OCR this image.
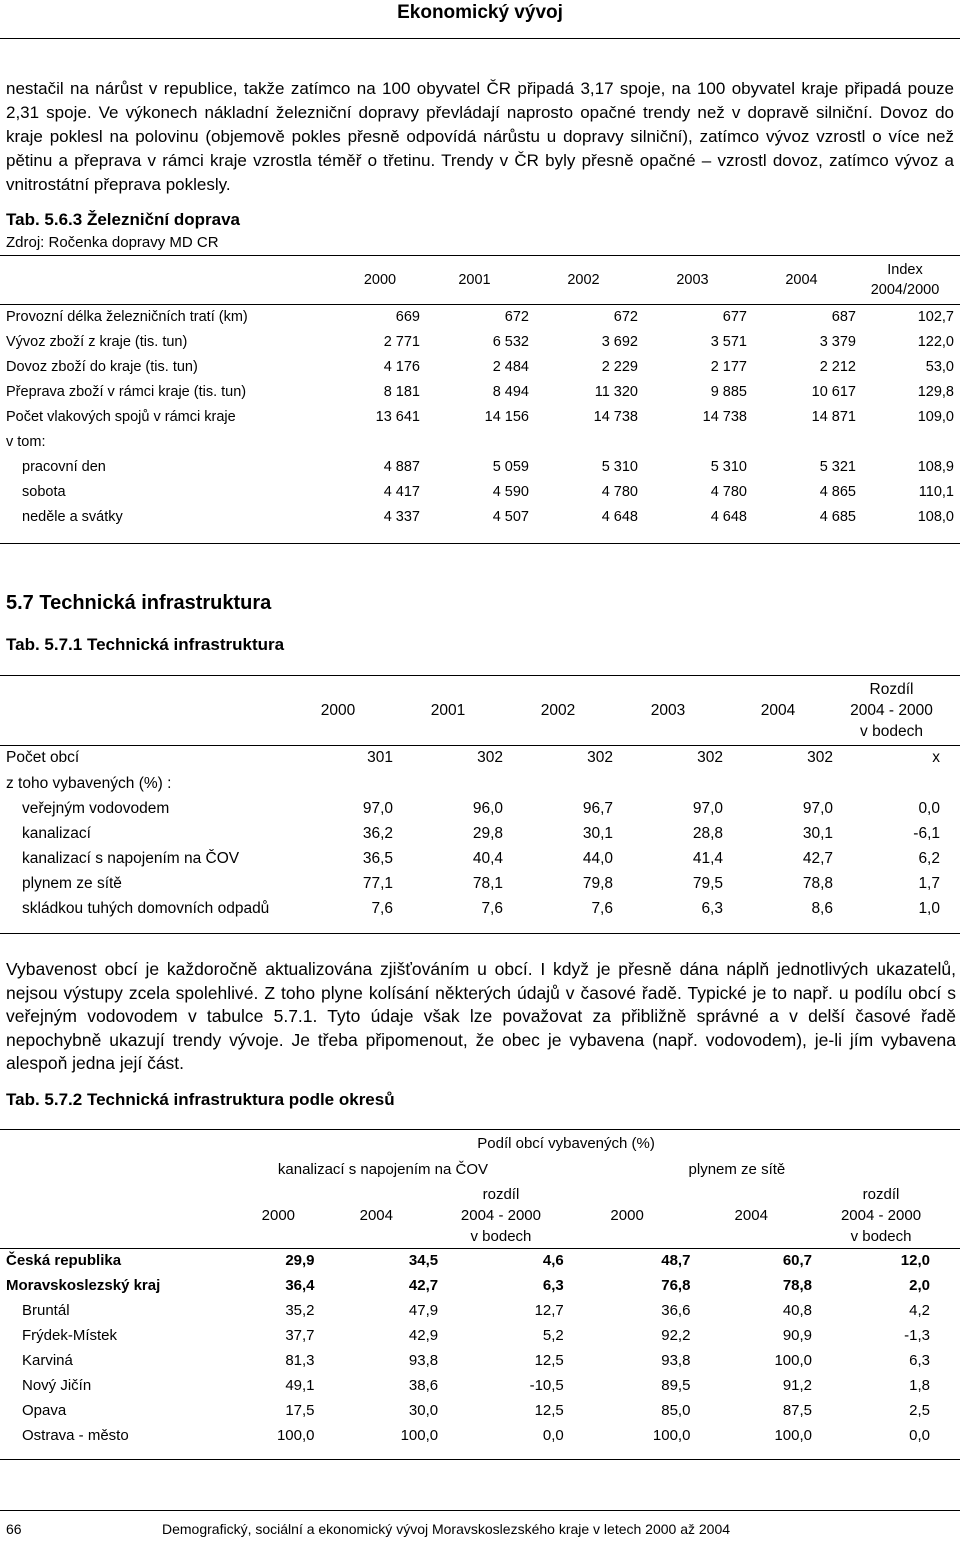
Ekonomický vývoj
nestačil na nárůst v republice, takže zatímco na 100 obyvatel ČR připadá 3,17 spoje, na 100 obyvatel kraje připadá pouze 2,31 spoje. Ve výkonech nákladní železniční dopravy převládají naprosto opačné trendy než v dopravě silniční. Dovoz do kraje poklesl na polovinu (objemově pokles přesně odpovídá nárůstu u dopravy silniční), zatímco vývoz vzrostl o více než pětinu a přeprava v rámci kraje vzrostla téměř o třetinu. Trendy v ČR byly přesně opačné – vzrostl dovoz, zatímco vývoz a vnitrostátní přeprava poklesly.
Tab. 5.6.3 Železniční doprava
Zdroj: Ročenka dopravy MD CR
	2000	2001	2002	2003	2004	Index
2004/2000
Provozní délka železničních tratí (km)	669	672	672	677	687	102,7
Vývoz zboží z kraje (tis. tun)	2 771	6 532	3 692	3 571	3 379	122,0
Dovoz zboží do kraje (tis. tun)	4 176	2 484	2 229	2 177	2 212	53,0
Přeprava zboží v rámci kraje (tis. tun)	8 181	8 494	11 320	9 885	10 617	129,8
Počet vlakových spojů v rámci kraje	13 641	14 156	14 738	14 738	14 871	109,0
v tom:						
pracovní den	4 887	5 059	5 310	5 310	5 321	108,9
sobota	4 417	4 590	4 780	4 780	4 865	110,1
neděle a svátky	4 337	4 507	4 648	4 648	4 685	108,0
5.7 Technická infrastruktura
Tab. 5.7.1 Technická infrastruktura
	2000	2001	2002	2003	2004	Rozdíl
2004 - 2000
v bodech
Počet obcí	301	302	302	302	302	x
z toho vybavených (%) :						
veřejným vodovodem	97,0	96,0	96,7	97,0	97,0	0,0
kanalizací	36,2	29,8	30,1	28,8	30,1	-6,1
kanalizací s napojením na ČOV	36,5	40,4	44,0	41,4	42,7	6,2
plynem ze sítě	77,1	78,1	79,8	79,5	78,8	1,7
skládkou tuhých domovních odpadů	7,6	7,6	7,6	6,3	8,6	1,0
Vybavenost obcí je každoročně aktualizována zjišťováním u obcí. I když je přesně dána náplň jednotlivých ukazatelů, nejsou výstupy zcela spolehlivé. Z toho plyne kolísání některých údajů v časové řadě. Typické je to např. u podílu obcí s veřejným vodovodem v tabulce 5.7.1. Tyto údaje však lze považovat za přibližně správné a v delší časové řadě nepochybně ukazují trendy vývoje. Je třeba připomenout, že obec je vybavena (např. vodovodem), je-li jím vybavena alespoň jedna její část.
Tab. 5.7.2 Technická infrastruktura podle okresů
	Podíl obcí vybavených (%)					
	kanalizací s napojením na ČOV			plynem ze sítě		
	2000	2004	rozdíl
2004 - 2000
v bodech	2000	2004	rozdíl
2004 - 2000
v bodech
Česká republika	29,9	34,5	4,6	48,7	60,7	12,0
Moravskoslezský kraj	36,4	42,7	6,3	76,8	78,8	2,0
Bruntál	35,2	47,9	12,7	36,6	40,8	4,2
Frýdek-Místek	37,7	42,9	5,2	92,2	90,9	-1,3
Karviná	81,3	93,8	12,5	93,8	100,0	6,3
Nový Jičín	49,1	38,6	-10,5	89,5	91,2	1,8
Opava	17,5	30,0	12,5	85,0	87,5	2,5
Ostrava - město	100,0	100,0	0,0	100,0	100,0	0,0
66	Demografický, sociální a ekonomický vývoj Moravskoslezského kraje v letech 2000 až 2004
